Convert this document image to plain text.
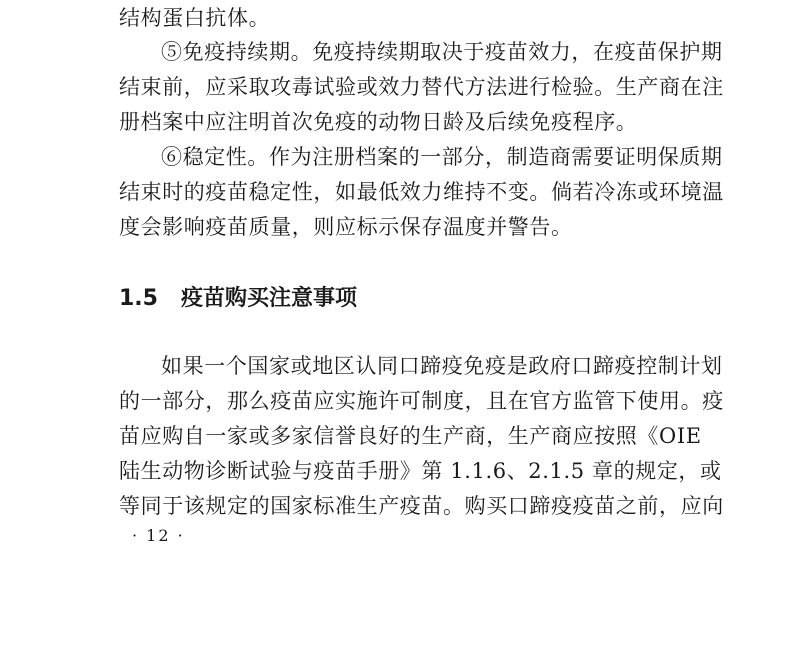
结构蛋白抗体。
⑤免疫持续期。免疫持续期取决于疫苗效力，在疫苗保护期
结束前，应采取攻毒试验或效力替代方法进行检验。生产商在注
册档案中应注明首次免疫的动物日龄及后续免疫程序。
⑥稳定性。作为注册档案的一部分，制造商需要证明保质期
结束时的疫苗稳定性，如最低效力维持不变。倘若冷冻或环境温
度会影响疫苗质量，则应标示保存温度并警告。
1.5 疫苗购买注意事项
如果一个国家或地区认同口蹄疫免疫是政府口蹄疫控制计划
的一部分，那么疫苗应实施许可制度，且在官方监管下使用。疫
苗应购自一家或多家信誉良好的生产商，生产商应按照《OIE
陆生动物诊断试验与疫苗手册》第 1.1.6、2.1.5 章的规定，或
等同于该规定的国家标准生产疫苗。购买口蹄疫疫苗之前，应向
· 12 ·
